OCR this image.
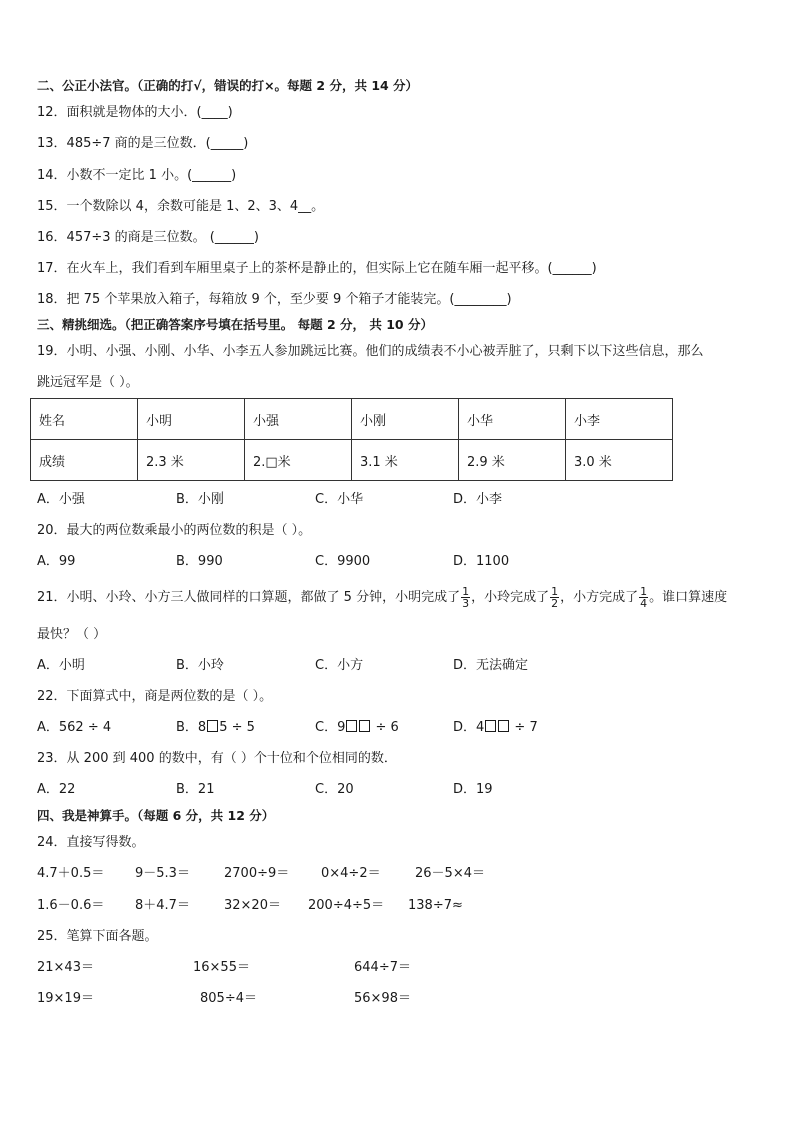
二、公正小法官。（正确的打√，错误的打×。每题 2 分，共 14 分）
12．面积就是物体的大小．(____)
13．485÷7 商的是三位数．(_____)
14．小数不一定比 1 小。(______)
15．一个数除以 4，余数可能是 1、2、3、4__。
16．457÷3 的商是三位数。 (______)
17．在火车上，我们看到车厢里桌子上的茶杯是静止的，但实际上它在随车厢一起平移。(______)
18．把 75 个苹果放入箱子，每箱放 9 个，至少要 9 个箱子才能装完。(________)
三、精挑细选。（把正确答案序号填在括号里。 每题 2 分， 共 10 分）
19．小明、小强、小刚、小华、小李五人参加跳远比赛。他们的成绩表不小心被弄脏了，只剩下以下这些信息，那么
跳远冠军是（ ）。
姓名	小明	小强	小刚	小华	小李
成绩	2.3 米	2.□米	3.1 米	2.9 米	3.0 米
A．小强	B．小刚	C．小华	D．小李
20．最大的两位数乘最小的两位数的积是（ ）。
A．99	B．990	C．9900	D．1100
21．小明、小玲、小方三人做同样的口算题，都做了 5 分钟，小明完成了 $\frac{1}{3}$ ，小玲完成了 $\frac{1}{2}$ ，小方完成了 $\frac{1}{4}$ 。谁口算速度
最快？（ ）
A．小明	B．小玲	C．小方	D．无法确定
22．下面算式中，商是两位数的是（ ）。
A．562 ÷ 4	B．8 5 ÷ 5	C．9 ÷ 6	D．4 ÷ 7
23．从 200 到 400 的数中，有（ ）个十位和个位相同的数．
A．22	B．21	C．20	D．19
四、我是神算手。（每题 6 分，共 12 分）
24．直接写得数。
4.7＋0.5＝ 9－5.3＝	2700÷9＝ 0×4÷2＝	26－5×4＝
1.6－0.6＝ 8＋4.7＝	32×20＝ 200÷4÷5＝ 138÷7≈
25．笔算下面各题。
21×43＝	16×55＝	644÷7＝
19×19＝	805÷4＝	56×98＝
